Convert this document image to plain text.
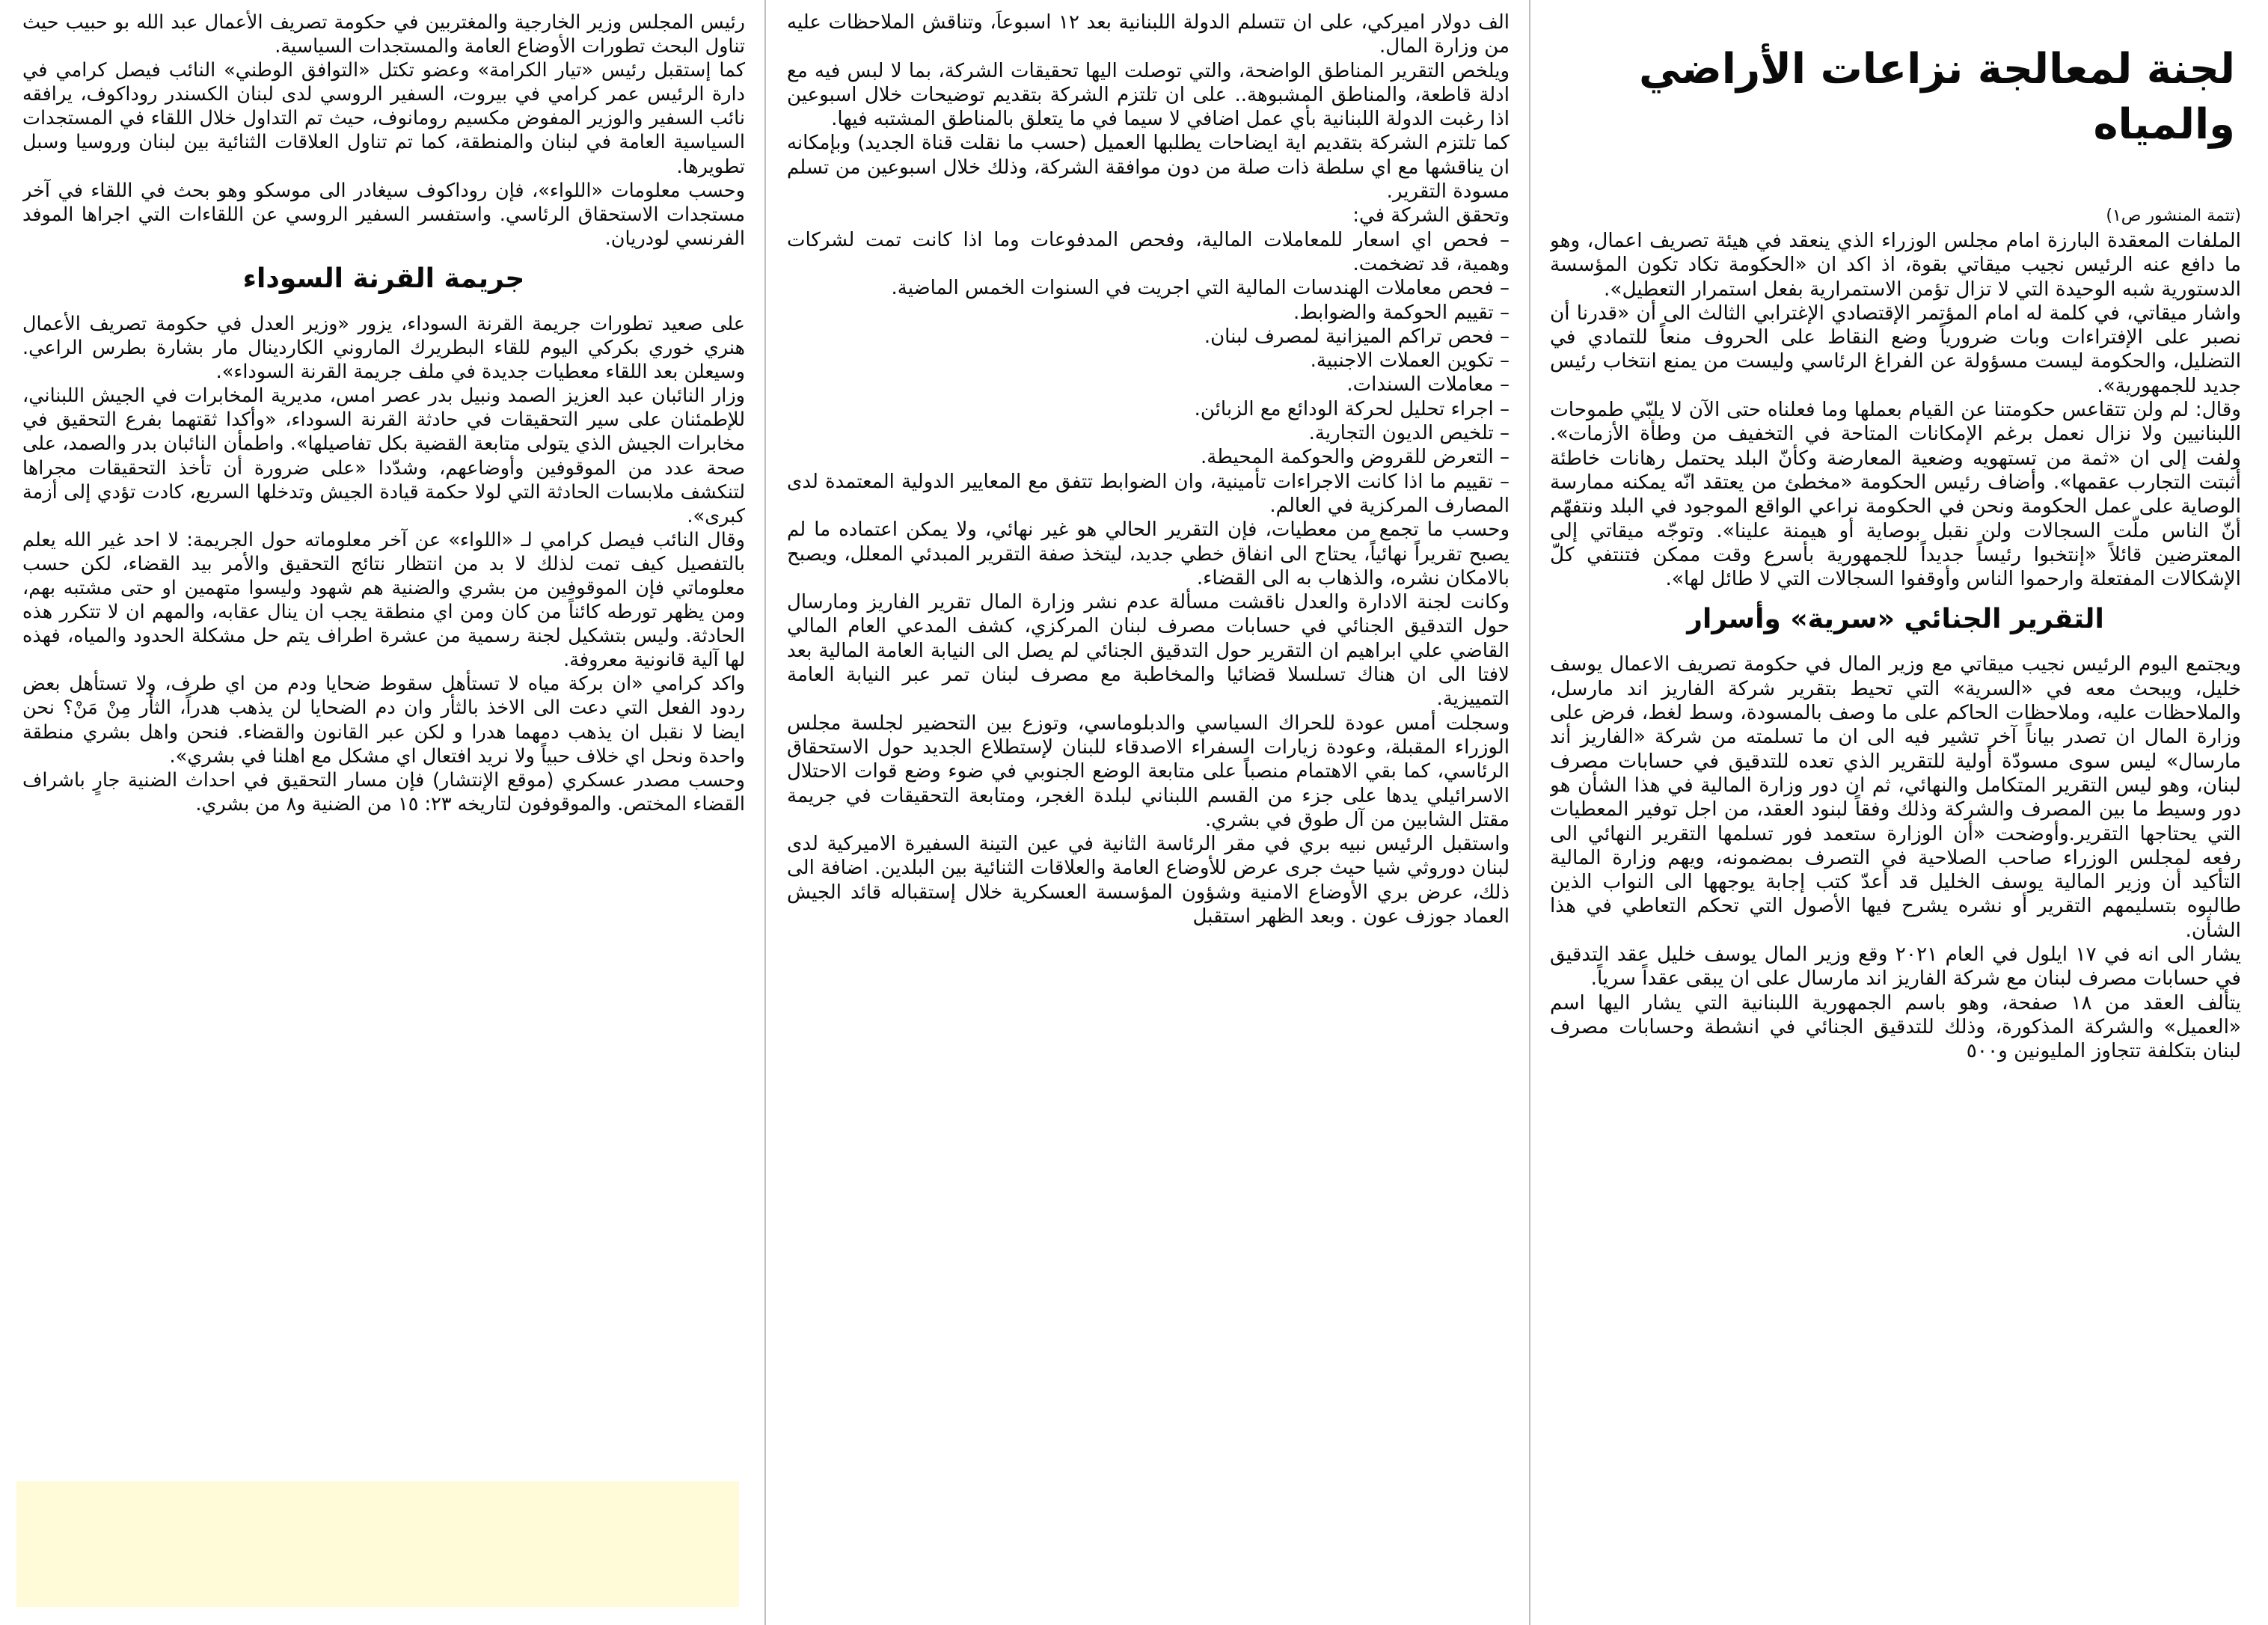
لجنة لمعالجة نزاعات الأراضي والمياه
(تتمة المنشور ص١)

الملفات المعقدة البارزة امام مجلس الوزراء الذي ينعقد في هيئة تصريف اعمال، وهو ما دافع عنه الرئيس نجيب ميقاتي بقوة، اذ اكد ان «الحكومة تكاد تكون المؤسسة الدستورية شبه الوحيدة التي لا تزال تؤمن الاستمرارية بفعل استمرار التعطيل».

واشار ميقاتي، في كلمة له امام المؤتمر الإقتصادي الإغترابي الثالث الى أن «قدرنا أن نصبر على الإفتراءات وبات ضرورياً وضع النقاط على الحروف منعاً للتمادي في التضليل، والحكومة ليست مسؤولة عن الفراغ الرئاسي وليست من يمنع انتخاب رئيس جديد للجمهورية».

وقال: لم ولن تتقاعس حكومتنا عن القيام بعملها وما فعلناه حتى الآن لا يلبّي طموحات اللبنانيين ولا نزال نعمل برغم الإمكانات المتاحة في التخفيف من وطأة الأزمات». ولفت إلى ان «ثمة من تستهويه وضعية المعارضة وكأنّ البلد يحتمل رهانات خاطئة أثبتت التجارب عقمها». وأضاف رئيس الحكومة «مخطئ من يعتقد انّه يمكنه ممارسة الوصاية على عمل الحكومة ونحن في الحكومة نراعي الواقع الموجود في البلد ونتفهّم أنّ الناس ملّت السجالات ولن نقبل بوصاية أو هيمنة علينا». وتوجّه ميقاتي إلى المعترضين قائلاً «إنتخبوا رئيساً جديداً للجمهورية بأسرع وقت ممكن فتنتفي كلّ الإشكالات المفتعلة وارحموا الناس وأوقفوا السجالات التي لا طائل لها».

التقرير الجنائي «سرية» وأسرار

ويجتمع اليوم الرئيس نجيب ميقاتي مع وزير المال في حكومة تصريف الاعمال يوسف خليل، ويبحث معه في «السرية» التي تحيط بتقرير شركة الفاريز اند مارسل، والملاحظات عليه، وملاحظات الحاكم على ما وصف بالمسودة، وسط لغط، فرض على وزارة المال ان تصدر بياناً آخر تشير فيه الى ان ما تسلمته من شركة «الفاريز أند مارسال» ليس سوى مسودّة أولية للتقرير الذي تعده للتدقيق في حسابات مصرف لبنان، وهو ليس التقرير المتكامل والنهائي، ثم ان دور وزارة المالية في هذا الشأن هو دور وسيط ما بين المصرف والشركة وذلك وفقاً لبنود العقد، من اجل توفير المعطيات التي يحتاجها التقرير.وأوضحت «أن الوزارة ستعمد فور تسلمها التقرير النهائي الى رفعه لمجلس الوزراء صاحب الصلاحية في التصرف بمضمونه، ويهم وزارة المالية التأكيد أن وزير المالية يوسف الخليل قد أعدّ كتب إجابة يوجهها الى النواب الذين طالبوه بتسليمهم التقرير أو نشره يشرح فيها الأصول التي تحكم التعاطي في هذا الشأن.

يشار الى انه في ١٧ ايلول في العام ٢٠٢١ وقع وزير المال يوسف خليل عقد التدقيق في حسابات مصرف لبنان مع شركة الفاريز اند مارسال على ان يبقى عقداً سرياً.

يتألف العقد من ١٨ صفحة، وهو باسم الجمهورية اللبنانية التي يشار اليها اسم «العميل» والشركة المذكورة، وذلك للتدقيق الجنائي في انشطة وحسابات مصرف لبنان بتكلفة تتجاوز المليونين و٥٠٠

الف دولار اميركي، على ان تتسلم الدولة اللبنانية بعد ١٢ اسبوعاً، وتناقش الملاحظات عليه من وزارة المال.

ويلخص التقرير المناطق الواضحة، والتي توصلت اليها تحقيقات الشركة، بما لا لبس فيه مع ادلة قاطعة، والمناطق المشبوهة.. على ان تلتزم الشركة بتقديم توضيحات خلال اسبوعين اذا رغبت الدولة اللبنانية بأي عمل اضافي لا سيما في ما يتعلق بالمناطق المشتبه فيها.

كما تلتزم الشركة بتقديم اية ايضاحات يطلبها العميل (حسب ما نقلت قناة الجديد) وبإمكانه ان يناقشها مع اي سلطة ذات صلة من دون موافقة الشركة، وذلك خلال اسبوعين من تسلم مسودة التقرير.

وتحقق الشركة في:

– فحص اي اسعار للمعاملات المالية، وفحص المدفوعات وما اذا كانت تمت لشركات وهمية، قد تضخمت.

– فحص معاملات الهندسات المالية التي اجريت في السنوات الخمس الماضية.

– تقييم الحوكمة والضوابط.

– فحص تراكم الميزانية لمصرف لبنان.

– تكوين العملات الاجنبية.

– معاملات السندات.

– اجراء تحليل لحركة الودائع مع الزبائن.

– تلخيص الديون التجارية.

– التعرض للقروض والحوكمة المحيطة.

– تقييم ما اذا كانت الاجراءات تأمينية، وان الضوابط تتفق مع المعايير الدولية المعتمدة لدى المصارف المركزية في العالم.

وحسب ما تجمع من معطيات، فإن التقرير الحالي هو غير نهائي، ولا يمكن اعتماده ما لم يصبح تقريراً نهائياً، يحتاج الى انفاق خطي جديد، ليتخذ صفة التقرير المبدئي المعلل، ويصبح بالامكان نشره، والذهاب به الى القضاء.

وكانت لجنة الادارة والعدل ناقشت مسألة عدم نشر وزارة المال تقرير الفاريز ومارسال حول التدقيق الجنائي في حسابات مصرف لبنان المركزي، كشف المدعي العام المالي القاضي علي ابراهيم ان التقرير حول التدقيق الجنائي لم يصل الى النيابة العامة المالية بعد لافتا الى ان هناك تسلسلا قضائيا والمخاطبة مع مصرف لبنان تمر عبر النيابة العامة التمييزية.

وسجلت أمس عودة للحراك السياسي والدبلوماسي، وتوزع بين التحضير لجلسة مجلس الوزراء المقبلة، وعودة زيارات السفراء الاصدقاء للبنان لإستطلاع الجديد حول الاستحقاق الرئاسي، كما بقي الاهتمام منصباً على متابعة الوضع الجنوبي في ضوء وضع قوات الاحتلال الاسرائيلي يدها على جزء من القسم اللبناني لبلدة الغجر، ومتابعة التحقيقات في جريمة مقتل الشابين من آل طوق في بشري.

واستقبل الرئيس نبيه بري في مقر الرئاسة الثانية في عين التينة السفيرة الاميركية لدى لبنان دوروثي شيا حيث جرى عرض للأوضاع العامة والعلاقات الثنائية بين البلدين. اضافة الى ذلك، عرض بري الأوضاع الامنية وشؤون المؤسسة العسكرية خلال إستقباله قائد الجيش العماد جوزف عون . وبعد الظهر استقبل

رئيس المجلس وزير الخارجية والمغتربين في حكومة تصريف الأعمال عبد الله بو حبيب حيث تناول البحث تطورات الأوضاع العامة والمستجدات السياسية.

كما إستقبل رئيس «تيار الكرامة» وعضو تكتل «التوافق الوطني» النائب فيصل كرامي في دارة الرئيس عمر كرامي في بيروت، السفير الروسي لدى لبنان الكسندر روداكوف، يرافقه نائب السفير والوزير المفوض مكسيم رومانوف، حيث تم التداول خلال اللقاء في المستجدات السياسية العامة في لبنان والمنطقة، كما تم تناول العلاقات الثنائية بين لبنان وروسيا وسبل تطويرها.

وحسب معلومات «اللواء»، فإن روداكوف سيغادر الى موسكو وهو بحث في اللقاء في آخر مستجدات الاستحقاق الرئاسي. واستفسر السفير الروسي عن اللقاءات التي اجراها الموفد الفرنسي لودريان.

جريمة القرنة السوداء

على صعيد تطورات جريمة القرنة السوداء، يزور «وزير العدل في حكومة تصريف الأعمال هنري خوري بكركي اليوم للقاء البطريرك الماروني الكاردينال مار بشارة بطرس الراعي. وسيعلن بعد اللقاء معطيات جديدة في ملف جريمة القرنة السوداء».

وزار النائبان عبد العزيز الصمد ونبيل بدر عصر امس، مديرية المخابرات في الجيش اللبناني، للإطمئنان على سير التحقيقات في حادثة القرنة السوداء، «وأكدا ثقتهما بفرع التحقيق في مخابرات الجيش الذي يتولى متابعة القضية بكل تفاصيلها». واطمأن النائبان بدر والصمد، على صحة عدد من الموقوفين وأوضاعهم، وشدّدا «على ضرورة أن تأخذ التحقيقات مجراها لتنكشف ملابسات الحادثة التي لولا حكمة قيادة الجيش وتدخلها السريع، كادت تؤدي إلى أزمة كبرى».

وقال النائب فيصل كرامي لـ «اللواء» عن آخر معلوماته حول الجريمة: لا احد غير الله يعلم بالتفصيل كيف تمت لذلك لا بد من انتظار نتائج التحقيق والأمر بيد القضاء، لكن حسب معلوماتي فإن الموقوفين من بشري والضنية هم شهود وليسوا متهمين او حتى مشتبه بهم، ومن يظهر تورطه كائناً من كان ومن اي منطقة يجب ان ينال عقابه، والمهم ان لا تتكرر هذه الحادثة. وليس بتشكيل لجنة رسمية من عشرة اطراف يتم حل مشكلة الحدود والمياه، فهذه لها آلية قانونية معروفة.

واكد كرامي «ان بركة مياه لا تستأهل سقوط ضحايا ودم من اي طرف، ولا تستأهل بعض ردود الفعل التي دعت الى الاخذ بالثأر وان دم الضحايا لن يذهب هدراً، الثأر مِنْ مَنْ؟ نحن ايضا لا نقبل ان يذهب دمهما هدرا و لكن عبر القانون والقضاء. فنحن واهل بشري منطقة واحدة ونحل اي خلاف حبياً ولا نريد افتعال اي مشكل مع اهلنا في بشري».

وحسب مصدر عسكري (موقع الإنتشار) فإن مسار التحقيق في احداث الضنية جارٍ باشراف القضاء المختص. والموقوفون لتاريخه ٢٣: ١٥ من الضنية و٨ من بشري.
